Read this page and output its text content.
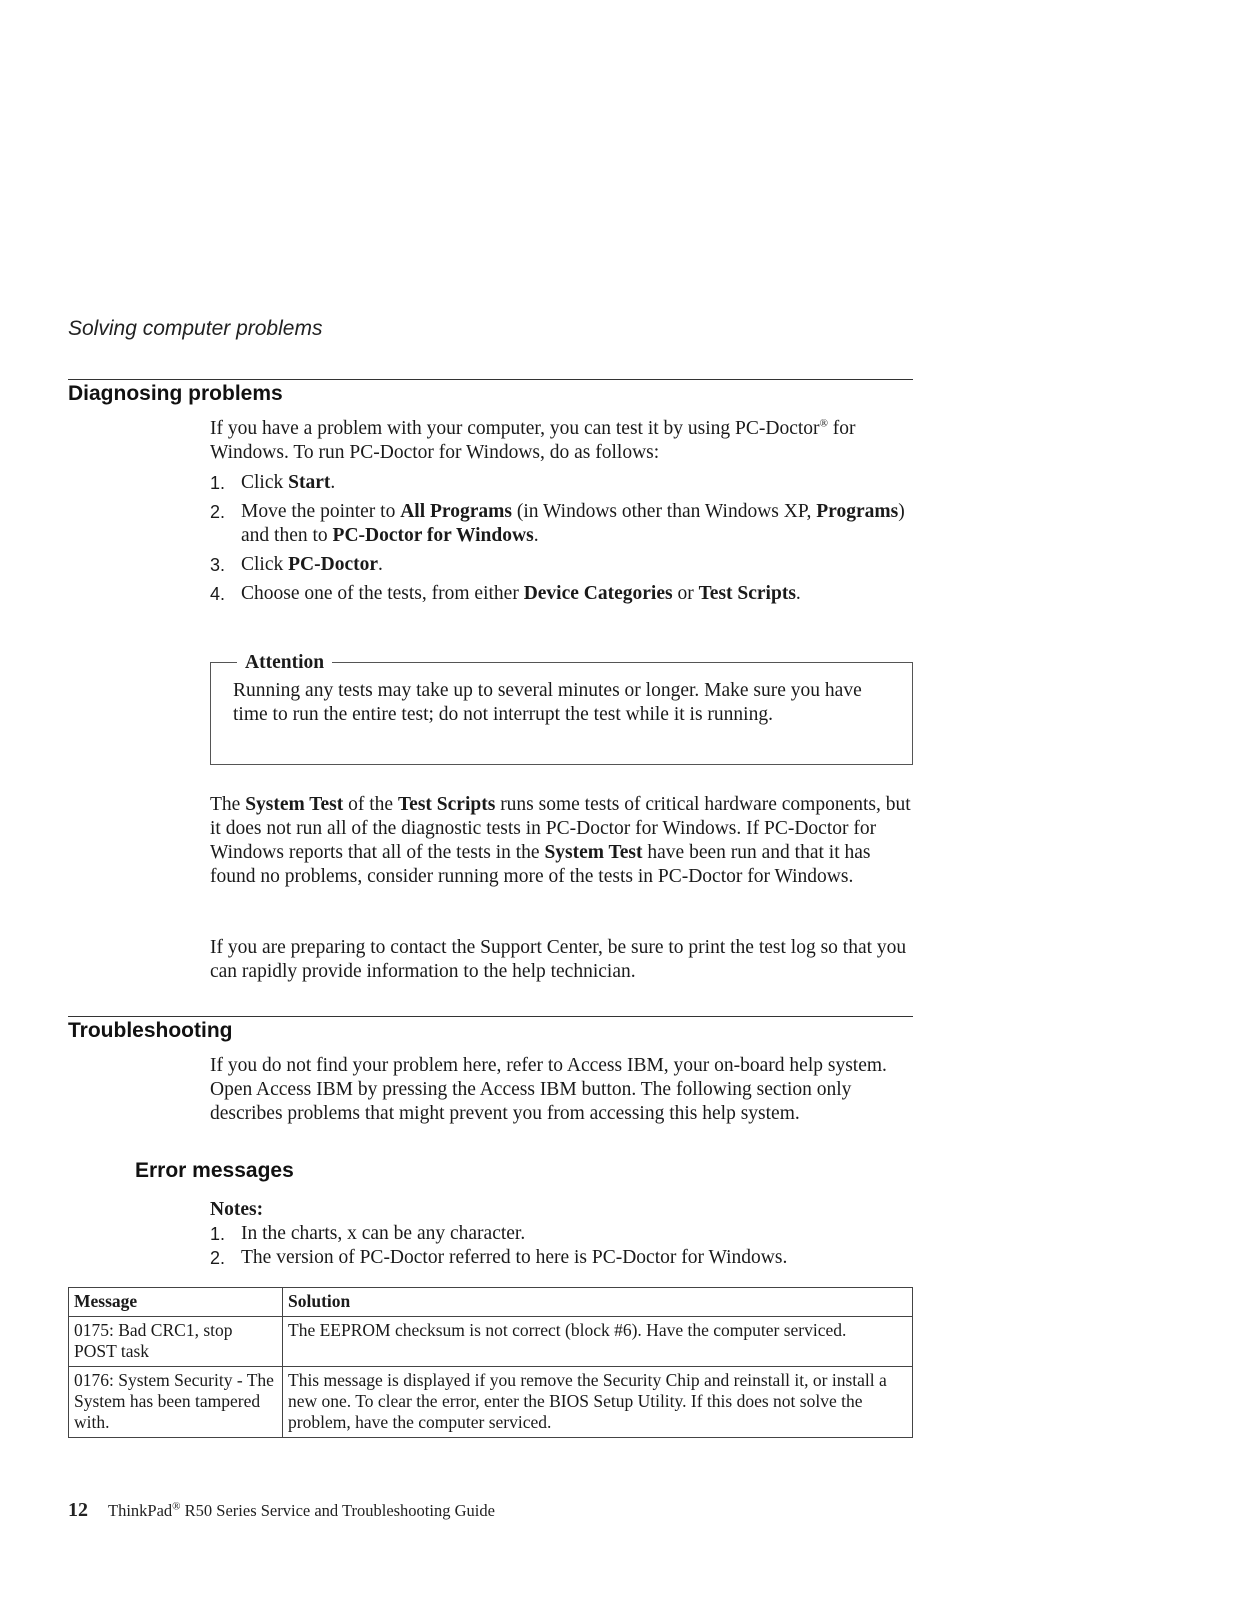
Solving computer problems
Diagnosing problems

If you have a problem with your computer, you can test it by using PC-Doctor® for Windows. To run PC-Doctor for Windows, do as follows:

1. Click Start.
2. Move the pointer to All Programs (in Windows other than Windows XP, Programs) and then to PC-Doctor for Windows.
3. Click PC-Doctor.
4. Choose one of the tests, from either Device Categories or Test Scripts.
Attention

Running any tests may take up to several minutes or longer. Make sure you have time to run the entire test; do not interrupt the test while it is running.

The System Test of the Test Scripts runs some tests of critical hardware components, but it does not run all of the diagnostic tests in PC-Doctor for Windows. If PC-Doctor for Windows reports that all of the tests in the System Test have been run and that it has found no problems, consider running more of the tests in PC-Doctor for Windows.

If you are preparing to contact the Support Center, be sure to print the test log so that you can rapidly provide information to the help technician.

Troubleshooting

If you do not find your problem here, refer to Access IBM, your on-board help system. Open Access IBM by pressing the Access IBM button. The following section only describes problems that might prevent you from accessing this help system.

Error messages

Notes:

1. In the charts, x can be any character.
2. The version of PC-Doctor referred to here is PC-Doctor for Windows.
Message	Solution
0175: Bad CRC1, stop POST task	The EEPROM checksum is not correct (block #6). Have the computer serviced.
0176: System Security - The System has been tampered with.	This message is displayed if you remove the Security Chip and reinstall it, or install a new one. To clear the error, enter the BIOS Setup Utility. If this does not solve the problem, have the computer serviced.
12 ThinkPad® R50 Series Service and Troubleshooting Guide
